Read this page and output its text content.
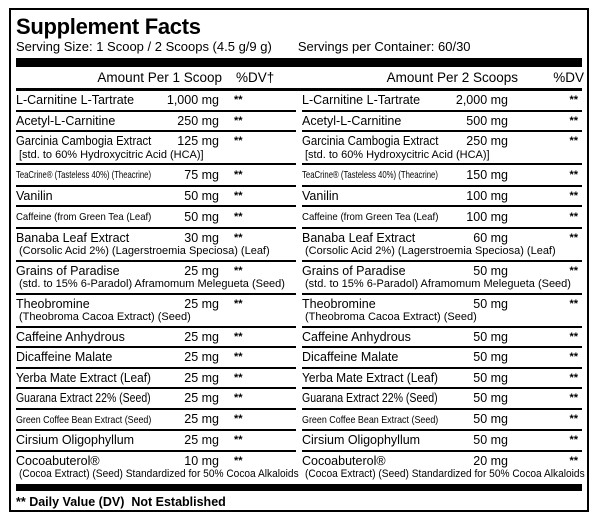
Supplement Facts
Serving Size: 1 Scoop / 2 Scoops (4.5 g/9 g) Servings per Container: 60/30
Amount Per 1 Scoop	%DV†	Amount Per 2 Scoops	%DV
L-Carnitine L-Tartrate	1,000 mg	**
Acetyl-L-Carnitine	250 mg	**
Garcinia Cambogia Extract	125 mg	**
[std. to 60% Hydroxycitric Acid (HCA)]
TeaCrine® (Tasteless 40%) (Theacrine)	75 mg	**
Vanilin	50 mg	**
Caffeine (from Green Tea (Leaf)	50 mg	**
Banaba Leaf Extract	30 mg	**
(Corsolic Acid 2%) (Lagerstroemia Speciosa) (Leaf)
Grains of Paradise	25 mg	**
(std. to 15% 6-Paradol) Aframomum Melegueta (Seed)
Theobromine	25 mg	**
(Theobroma Cacoa Extract) (Seed)
Caffeine Anhydrous	25 mg	**
Dicaffeine Malate	25 mg	**
Yerba Mate Extract (Leaf)	25 mg	**
Guarana Extract 22% (Seed)	25 mg	**
Green Coffee Bean Extract (Seed)	25 mg	**
Cirsium Oligophyllum	25 mg	**
Cocoabuterol®	10 mg	**
(Cocoa Extract) (Seed) Standardized for 50% Cocoa Alkaloids
L-Carnitine L-Tartrate	2,000 mg	**
Acetyl-L-Carnitine	500 mg	**
Garcinia Cambogia Extract	250 mg	**
[std. to 60% Hydroxycitric Acid (HCA)]
TeaCrine® (Tasteless 40%) (Theacrine)	150 mg	**
Vanilin	100 mg	**
Caffeine (from Green Tea (Leaf)	100 mg	**
Banaba Leaf Extract	60 mg	**
(Corsolic Acid 2%) (Lagerstroemia Speciosa) (Leaf)
Grains of Paradise	50 mg	**
(std. to 15% 6-Paradol) Aframomum Melegueta (Seed)
Theobromine	50 mg	**
(Theobroma Cacoa Extract) (Seed)
Caffeine Anhydrous	50 mg	**
Dicaffeine Malate	50 mg	**
Yerba Mate Extract (Leaf)	50 mg	**
Guarana Extract 22% (Seed)	50 mg	**
Green Coffee Bean Extract (Seed)	50 mg	**
Cirsium Oligophyllum	50 mg	**
Cocoabuterol®	20 mg	**
(Cocoa Extract) (Seed) Standardized for 50% Cocoa Alkaloids
** Daily Value (DV)  Not Established
